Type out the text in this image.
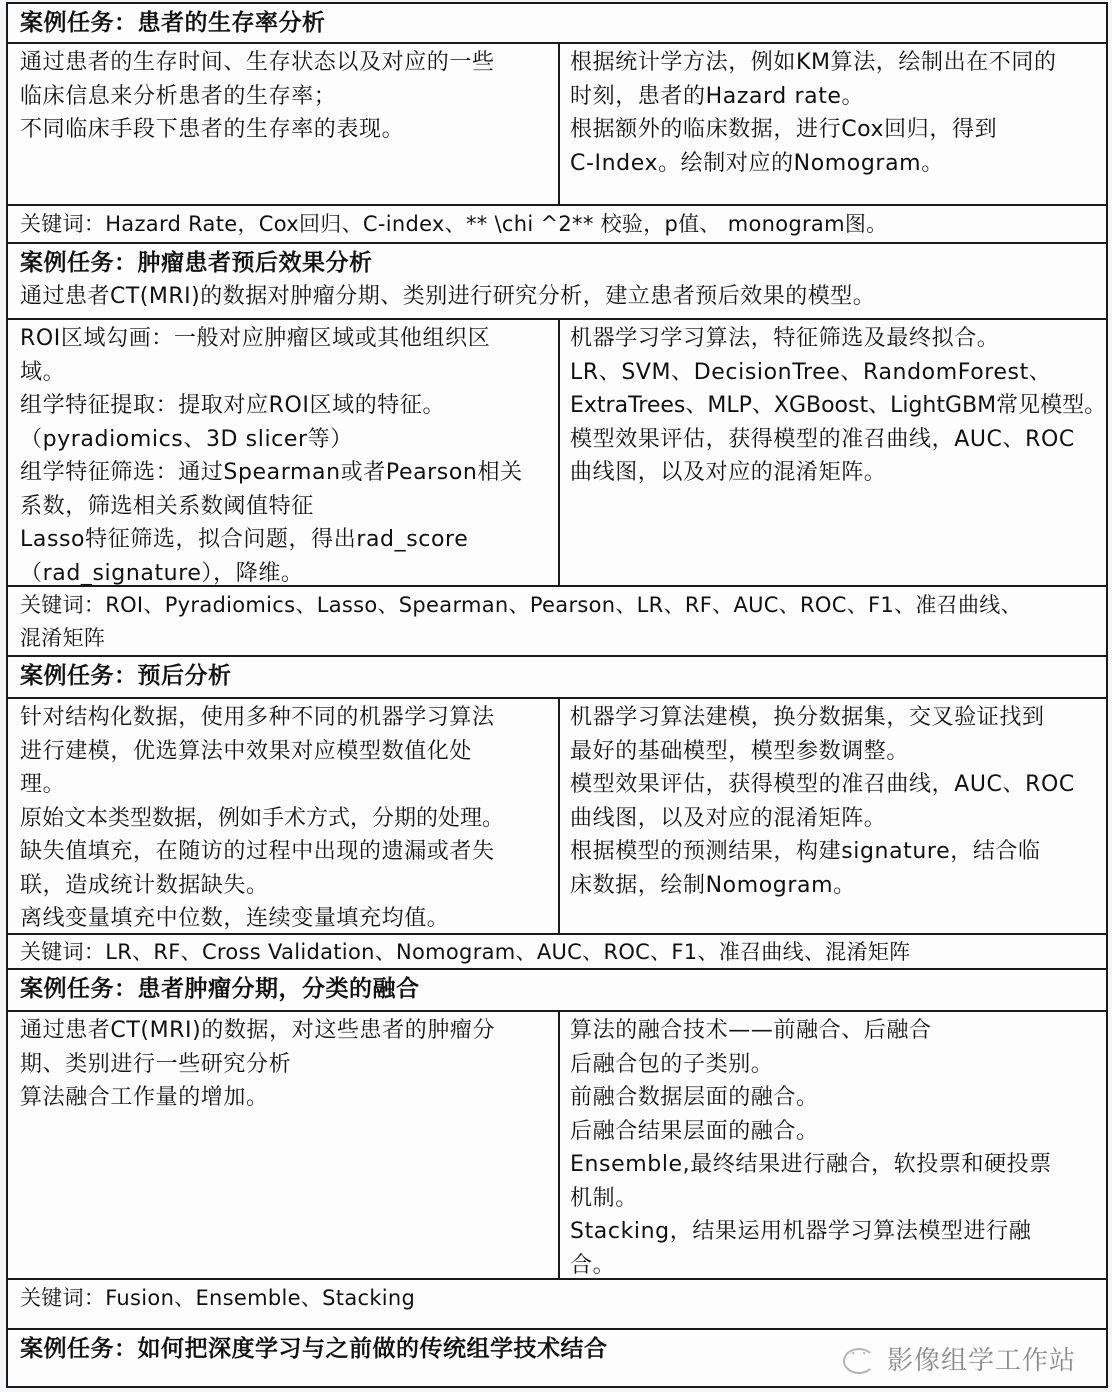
案例任务：患者的生存率分析
通过患者的生存时间、生存状态以及对应的一些
临床信息来分析患者的生存率；
不同临床手段下患者的生存率的表现。
根据统计学方法，例如KM算法，绘制出在不同的
时刻，患者的Hazard rate。
根据额外的临床数据，进行Cox回归，得到
C-Index。绘制对应的Nomogram。
关键词：Hazard Rate，Cox回归、C-index、** \chi ^2** 校验，p值、 monogram图。
案例任务：肿瘤患者预后效果分析
通过患者CT(MRI)的数据对肿瘤分期、类别进行研究分析，建立患者预后效果的模型。
ROI区域勾画：一般对应肿瘤区域或其他组织区
域。
组学特征提取：提取对应ROI区域的特征。
（pyradiomics、3D slicer等）
组学特征筛选：通过Spearman或者Pearson相关
系数，筛选相关系数阈值特征
Lasso特征筛选，拟合问题，得出rad_score
（rad_signature），降维。
机器学习学习算法，特征筛选及最终拟合。
LR、SVM、DecisionTree、RandomForest、
ExtraTrees、MLP、XGBoost、LightGBM常见模型。
模型效果评估，获得模型的准召曲线，AUC、ROC
曲线图，以及对应的混淆矩阵。
关键词：ROI、Pyradiomics、Lasso、Spearman、Pearson、LR、RF、AUC、ROC、F1、准召曲线、
混淆矩阵
案例任务：预后分析
针对结构化数据，使用多种不同的机器学习算法
进行建模，优选算法中效果对应模型数值化处
理。
原始文本类型数据，例如手术方式，分期的处理。
缺失值填充，在随访的过程中出现的遗漏或者失
联，造成统计数据缺失。
离线变量填充中位数，连续变量填充均值。
机器学习算法建模，换分数据集，交叉验证找到
最好的基础模型，模型参数调整。
模型效果评估，获得模型的准召曲线，AUC、ROC
曲线图，以及对应的混淆矩阵。
根据模型的预测结果，构建signature，结合临
床数据，绘制Nomogram。
关键词：LR、RF、Cross Validation、Nomogram、AUC、ROC、F1、准召曲线、混淆矩阵
案例任务：患者肿瘤分期，分类的融合
通过患者CT(MRI)的数据，对这些患者的肿瘤分
期、类别进行一些研究分析
算法融合工作量的增加。
算法的融合技术——前融合、后融合
后融合包的子类别。
前融合数据层面的融合。
后融合结果层面的融合。
Ensemble,最终结果进行融合，软投票和硬投票
机制。
Stacking，结果运用机器学习算法模型进行融
合。
关键词：Fusion、Ensemble、Stacking
案例任务：如何把深度学习与之前做的传统组学技术结合 · ·	影像组学工作站
